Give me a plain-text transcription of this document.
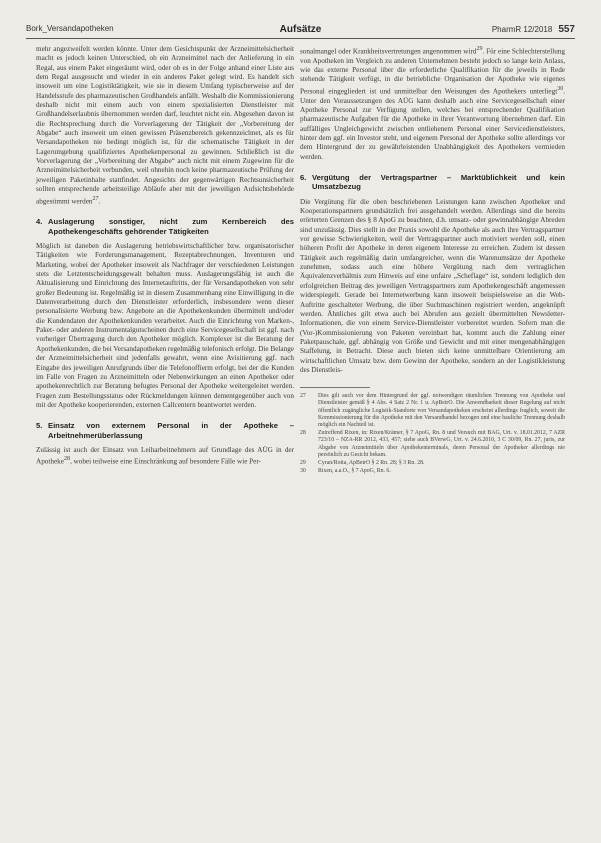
Bork_Versandapotheken	Aufsätze	PharmR 12/2018 557

mehr angezweifelt werden könnte. Unter dem Gesichtspunkt der Arzneimittelsicherheit macht es jedoch keinen Unterschied, ob ein Arzneimittel nach der Anlieferung in ein Regal, aus einem Paket eingeräumt wird, oder ob es in der Folge anhand einer Liste aus dem Regal ausgesucht und wieder in ein anderes Paket gelegt wird. Es handelt sich insoweit um eine Logistiktätigkeit, wie sie in diesem Umfang typischerweise auf der Handelsstufe des pharmazeutischen Großhandels anfällt. Weshalb die Kommissionierung deshalb nicht mit einem auch von einem spezialisierten Dienstleister mit Großhandelserlaubnis übernommen werden darf, leuchtet nicht ein. Abgesehen davon ist die Rechtsprechung durch die Vorverlagerung der Tätigkeit der „Vorbereitung der Abgabe“ auch insoweit um einen gewissen Präsenzbereich gekennzeichnet, als es für Versandapotheken nie bedingt möglich ist, für die schematische Tätigkeit in der Lagerumgebung qualifiziertes Apothekenpersonal zu gewinnen. Schließlich ist die Vorverlagerung der „Vorbereitung der Abgabe“ auch nicht mit einem Zugewinn für die Arzneimittelsicherheit verbunden, weil ohnehin noch keine pharmazeutische Prüfung der jeweiligen Paketinhalte stattfindet. Angesichts der gegenwärtigen Rechtsunsicherheit sollten entsprechende arbeitsteilige Abläufe aber mit der jeweiligen Aufsichtsbehörde abgestimmt werden$^{27}$.

4. Auslagerung sonstiger, nicht zum Kernbereich des Apothekengeschäfts gehörender Tätigkeiten

Möglich ist daneben die Auslagerung betriebswirtschaftlicher bzw. organisatorischer Tätigkeiten wie Forderungsmanagement, Rezeptabrechnungen, Inventuren und Marketing, wobei der Apotheker insoweit als Nachfrager der verschiedenen Leistungen stets die Letztentscheidungsgewalt behalten muss. Auslagerungsfähig ist auch die Aktualisierung und Einrichtung des Internetauftritts, der für Versandapotheken von sehr großer Bedeutung ist. Regelmäßig ist in diesem Zusammenhang eine Einwilligung in die Datenverarbeitung durch den Dienstleister erforderlich, insbesondere wenn dieser personalisierte Werbung bzw. Angebote an die Apothekenkunden übermittelt und/oder die Kundendaten der Apothekenkunden verarbeitet. Auch die Einrichtung von Marken-, Paket- oder anderen Instrumentalgutscheinen durch eine Servicegesellschaft ist ggf. nach vorheriger Übertragung durch den Apotheker möglich. Komplexer ist die Beratung der Apothekenkunden, die bei Versandapotheken regelmäßig telefonisch erfolgt. Die Belange der Arzneimittelsicherheit sind jedenfalls gewahrt, wenn eine Avisitierung ggf. nach Eingabe des jeweiligen Anrufgrunds über die Telefonoffierm erfolgt, bei der die Kunden im Falle von Fragen zu Arzneimitteln oder Nebenwirkungen an einen Apotheker oder apothekenrechtlich zur Beratung befugtes Personal der Apotheke weitergeleitet werden. Fragen zum Bestellungsstatus oder Rückmeldungen können dementgegenüber auch von mit der Apotheke kooperierenden, externen Callcentern beantwortet werden.

5. Einsatz von externem Personal in der Apotheke – Arbeitnehmerüberlassung

Zulässig ist auch der Einsatz von Leiharbeitnehmern auf Grundlage des AÜG in der Apotheke$^{28}$, wobei teilweise eine Einschränkung auf besondere Fälle wie Per-

sonalmangel oder Krankheitsvertretungen angenommen wird$^{29}$. Für eine Schlechterstellung von Apotheken im Vergleich zu anderen Unternehmen besteht jedoch so lange kein Anlass, wie das externe Personal über die erforderliche Qualifikation für die jeweils in Rede stehende Tätigkeit verfügt, in die betriebliche Organisation der Apotheke wie eigenes Personal eingegliedert ist und unmittelbar den Weisungen des Apothekers unterliegt$^{30}$. Unter den Voraussetzungen des AÜG kann deshalb auch eine Servicegesellschaft einer Apotheke Personal zur Verfügung stellen, welches bei entsprechender Qualifikation pharmazeutische Aufgaben für die Apotheke in ihrer Verantwortung übernehmen darf. Ein auffälliges Ungleichgewicht zwischen entliehenem Personal einer Servicedienstleisters, hinter dem ggf. ein Investor steht, und eigenem Personal der Apotheke sollte allerdings vor dem Hintergrund der zu gewährleistenden Unabhängigkeit des Apothekers vermieden werden.

6. Vergütung der Vertragspartner – Marktüblichkeit und kein Umsatzbezug

Die Vergütung für die oben beschriebenen Leistungen kann zwischen Apotheker und Kooperationspartnern grundsätzlich frei ausgehandelt werden. Allerdings sind die bereits erörterten Grenzen des § 8 ApoG zu beachten, d.h. umsatz- oder gewinnabhängige Abreden sind unzulässig. Dies stellt in der Praxis sowohl die Apotheke als auch ihre Vertragspartner vor gewisse Schwierigkeiten, weil der Vertragspartner auch motiviert werden soll, einen höheren Profit der Apotheke in deren eigenem Interesse zu erreichen. Zudem ist dessen Tätigkeit auch regelmäßig darin umfangreicher, wenn die Warenumsätze der Apotheke zunehmen, sodass auch eine höhere Vergütung nach dem vertraglichen Äquivalenzverhältnis zum Hinweis auf eine unfaire „Scheflage“ ist, sondern lediglich den erfolgreichen Beitrag des jeweiligen Vertragspartners zum Apothekengeschäft angemessen widerspiegelt. Gerade bei Internetwerbung kann insoweit beispielsweise an die Web-Auftritte geschalteter Werbung, die über Suchmaschinen registriert werden, angeknüpft werden. Ähnliches gilt etwa auch bei Abrufen aus gezielt übermittelten Newsletter-Informationen, die von einem Service-Dienstleister vorbereitet wurden. Sofern man die (Vor-)Kommissionierung von Paketen vereinbart hat, kommt auch die Zahlung einer Paketpauschale, ggf. abhängig von Größe und Gewicht und mit einer mengenabhängigen Staffelung, in Betracht. Diese auch bieten sich keine unmittelbare Orientierung am wirtschaftlichen Umsatz bzw. dem Gewinn der Apotheke, sondern an der Logistikleistung des Dienstleis-

27	Dies gilt auch vor dem Hintergrund der ggf. notwendigen räumlichen Trennung von Apotheke und Dienstleister gemäß § 4 Abs. 4 Satz 2 Nr. 1 u. ApBetrO. Die Anwendbarkeit dieser Regelung auf nicht öffentlich zugängliche Logistik-Standorte von Versandapotheken erscheint allerdings fraglich, soweit die Kommissionierung für die Apotheke mit den Versandhandel bezogen und eine bauliche Trennung deshalb möglich ein Nachteil ist.
28	Zutreffend Rixen, in: Rixen/Krämer, § 7 ApoG, Rn. 8 und Versuch mit BAG, Urt. v. 18.01.2012, 7 AZR 723/10 – NZA-RR 2012, 433, 457; siehe auch BVerwG, Urt. v. 24.6.2010, 3 C 30/09, Rn. 27, juris, zur Abgabe von Arzneimitteln über Apothekenterminals, deren Personal der Apotheker allerdings nie persönlich zu Gesicht bekam.
29	Cyran/Rotta, ApBetrO § 2 Rn. 28; § 3 Rn. 28.
30	Rixen, a.a.O., § 7 ApoG, Rn. 6.
